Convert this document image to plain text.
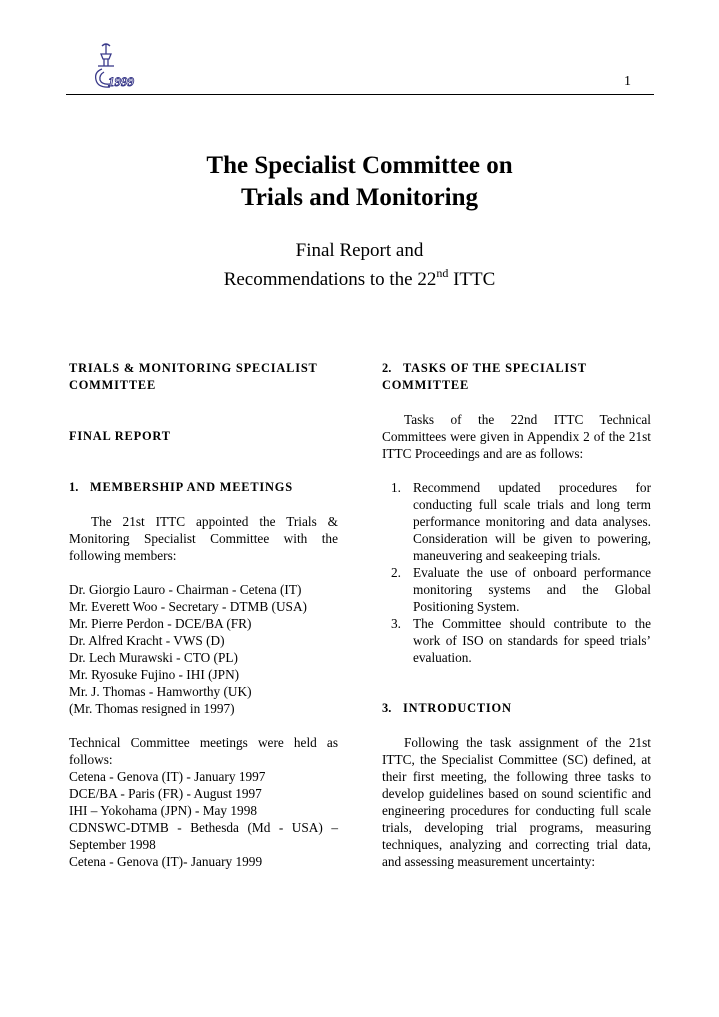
1999	1
The Specialist Committee on
Trials and Monitoring
Final Report and
Recommendations to the 22nd ITTC
TRIALS & MONITORING SPECIALIST COMMITTEE
FINAL REPORT
1. MEMBERSHIP AND MEETINGS

The 21st ITTC appointed the Trials & Monitoring Specialist Committee with the following members:

Dr. Giorgio Lauro - Chairman - Cetena (IT)
Mr. Everett Woo - Secretary - DTMB (USA)
Mr. Pierre Perdon - DCE/BA (FR)
Dr. Alfred Kracht - VWS (D)
Dr. Lech Murawski - CTO (PL)
Mr. Ryosuke Fujino - IHI (JPN)
Mr. J. Thomas - Hamworthy (UK)
(Mr. Thomas resigned in 1997)

Technical Committee meetings were held as follows:

Cetena - Genova (IT) - January 1997
DCE/BA - Paris (FR) - August 1997
IHI – Yokohama (JPN) - May 1998

CDNSWC-DTMB - Bethesda (Md - USA) – September 1998

Cetena - Genova (IT)- January 1999
2. TASKS OF THE SPECIALIST COMMITTEE

Tasks of the 22nd ITTC Technical Committees were given in Appendix 2 of the 21st ITTC Proceedings and are as follows:

1. Recommend updated procedures for conducting full scale trials and long term performance monitoring and data analyses. Consideration will be given to powering, maneuvering and seakeeping trials.
2. Evaluate the use of onboard performance monitoring systems and the Global Positioning System.
3. The Committee should contribute to the work of ISO on standards for speed trials’ evaluation.
3. INTRODUCTION

Following the task assignment of the 21st ITTC, the Specialist Committee (SC) defined, at their first meeting, the following three tasks to develop guidelines based on sound scientific and engineering procedures for conducting full scale trials, developing trial programs, measuring techniques, analyzing and correcting trial data, and assessing measurement uncertainty:
